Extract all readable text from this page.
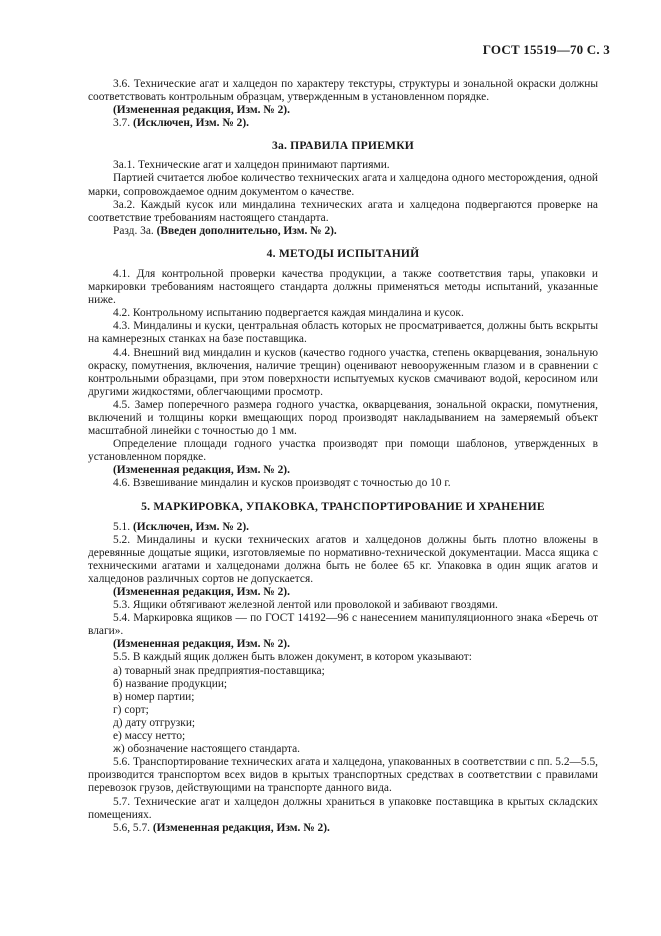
ГОСТ 15519—70 С. 3

3.6. Технические агат и халцедон по характеру текстуры, структуры и зональной окраски должны соответствовать контрольным образцам, утвержденным в установленном порядке.

(Измененная редакция, Изм. № 2).

3.7. (Исключен, Изм. № 2).

3а. ПРАВИЛА ПРИЕМКИ

3а.1. Технические агат и халцедон принимают партиями.

Партией считается любое количество технических агата и халцедона одного месторождения, одной марки, сопровождаемое одним документом о качестве.

3а.2. Каждый кусок или миндалина технических агата и халцедона подвергаются проверке на соответствие требованиям настоящего стандарта.

Разд. 3а. (Введен дополнительно, Изм. № 2).

4. МЕТОДЫ ИСПЫТАНИЙ

4.1. Для контрольной проверки качества продукции, а также соответствия тары, упаковки и маркировки требованиям настоящего стандарта должны применяться методы испытаний, указанные ниже.

4.2. Контрольному испытанию подвергается каждая миндалина и кусок.

4.3. Миндалины и куски, центральная область которых не просматривается, должны быть вскрыты на камнерезных станках на базе поставщика.

4.4. Внешний вид миндалин и кусков (качество годного участка, степень окварцевания, зональную окраску, помутнения, включения, наличие трещин) оценивают невооруженным глазом и в сравнении с контрольными образцами, при этом поверхности испытуемых кусков смачивают водой, керосином или другими жидкостями, облегчающими просмотр.

4.5. Замер поперечного размера годного участка, окварцевания, зональной окраски, помутнения, включений и толщины корки вмещающих пород производят накладыванием на замеряемый объект масштабной линейки с точностью до 1 мм.

Определение площади годного участка производят при помощи шаблонов, утвержденных в установленном порядке.

(Измененная редакция, Изм. № 2).

4.6. Взвешивание миндалин и кусков производят с точностью до 10 г.

5. МАРКИРОВКА, УПАКОВКА, ТРАНСПОРТИРОВАНИЕ И ХРАНЕНИЕ

5.1. (Исключен, Изм. № 2).

5.2. Миндалины и куски технических агатов и халцедонов должны быть плотно вложены в деревянные дощатые ящики, изготовляемые по нормативно-технической документации. Масса ящика с техническими агатами и халцедонами должна быть не более 65 кг. Упаковка в один ящик агатов и халцедонов различных сортов не допускается.

(Измененная редакция, Изм. № 2).

5.3. Ящики обтягивают железной лентой или проволокой и забивают гвоздями.

5.4. Маркировка ящиков — по ГОСТ 14192—96 с нанесением манипуляционного знака «Беречь от влаги».

(Измененная редакция, Изм. № 2).

5.5. В каждый ящик должен быть вложен документ, в котором указывают:

а) товарный знак предприятия-поставщика;

б) название продукции;

в) номер партии;

г) сорт;

д) дату отгрузки;

е) массу нетто;

ж) обозначение настоящего стандарта.

5.6. Транспортирование технических агата и халцедона, упакованных в соответствии с пп. 5.2—5.5, производится транспортом всех видов в крытых транспортных средствах в соответствии с правилами перевозок грузов, действующими на транспорте данного вида.

5.7. Технические агат и халцедон должны храниться в упаковке поставщика в крытых складских помещениях.

5.6, 5.7. (Измененная редакция, Изм. № 2).
